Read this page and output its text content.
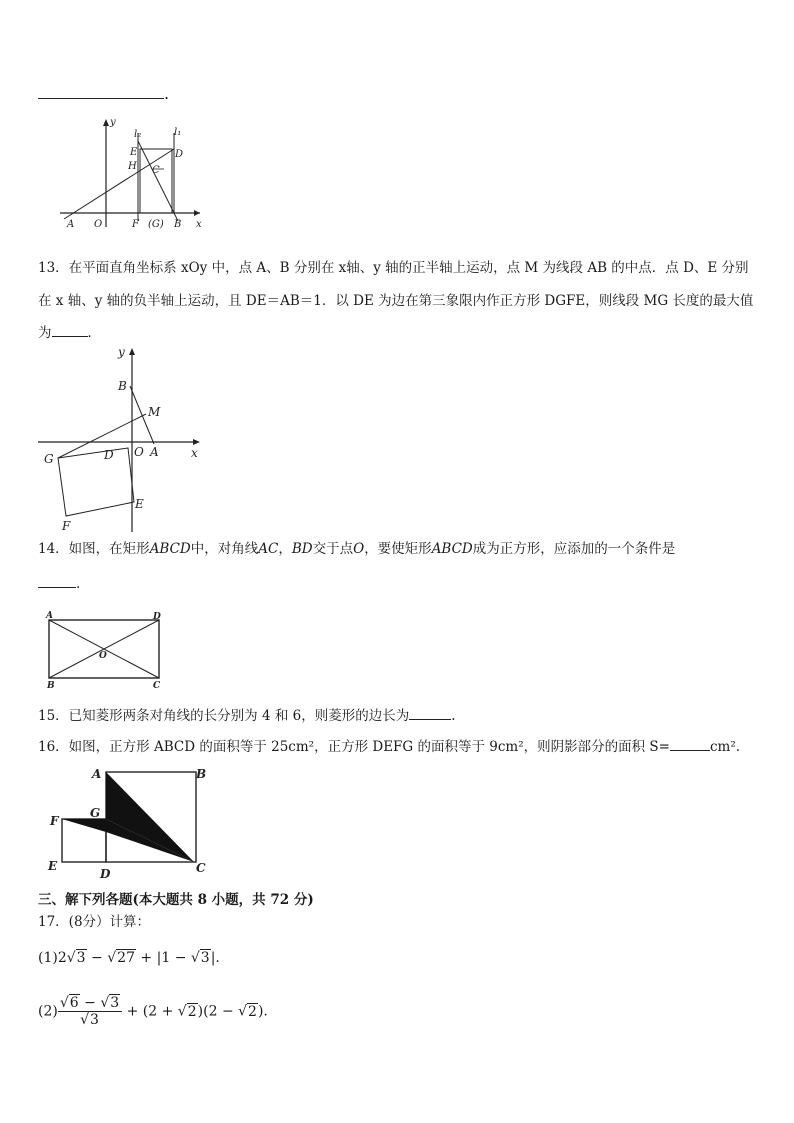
.
y
l₂	l₁
E	D
H C
A O	F (G) B x
13．在平面直角坐标系 xOy 中，点 A、B 分别在 x轴、y 轴的正半轴上运动，点 M 为线段 AB 的中点．点 D、E 分别
在 x 轴、y 轴的负半轴上运动，且 DE＝AB＝1．以 DE 为边在第三象限内作正方形 DGFE，则线段 MG 长度的最大值
为	．
y
B
M
O A	x
G	D
E
F
14．如图，在矩形ABCD中，对角线AC，BD交于点O，要使矩形ABCD成为正方形，应添加的一个条件是
.
A	D
O
B	C
15．已知菱形两条对角线的长分别为 4 和 6，则菱形的边长为	.
16．如图，正方形 ABCD 的面积等于 25cm²，正方形 DEFG 的面积等于 9cm²，则阴影部分的面积 S=	cm².
A	B
G
F
E
D	C
三、解下列各题(本大题共 8 小题，共 72 分)
17．(8分）计算：
(1)2√3 − √27 + |1 − √3|.
$(2) \frac{√6 - √3}{√3} + (2 + √2)(2 - √2)$.
